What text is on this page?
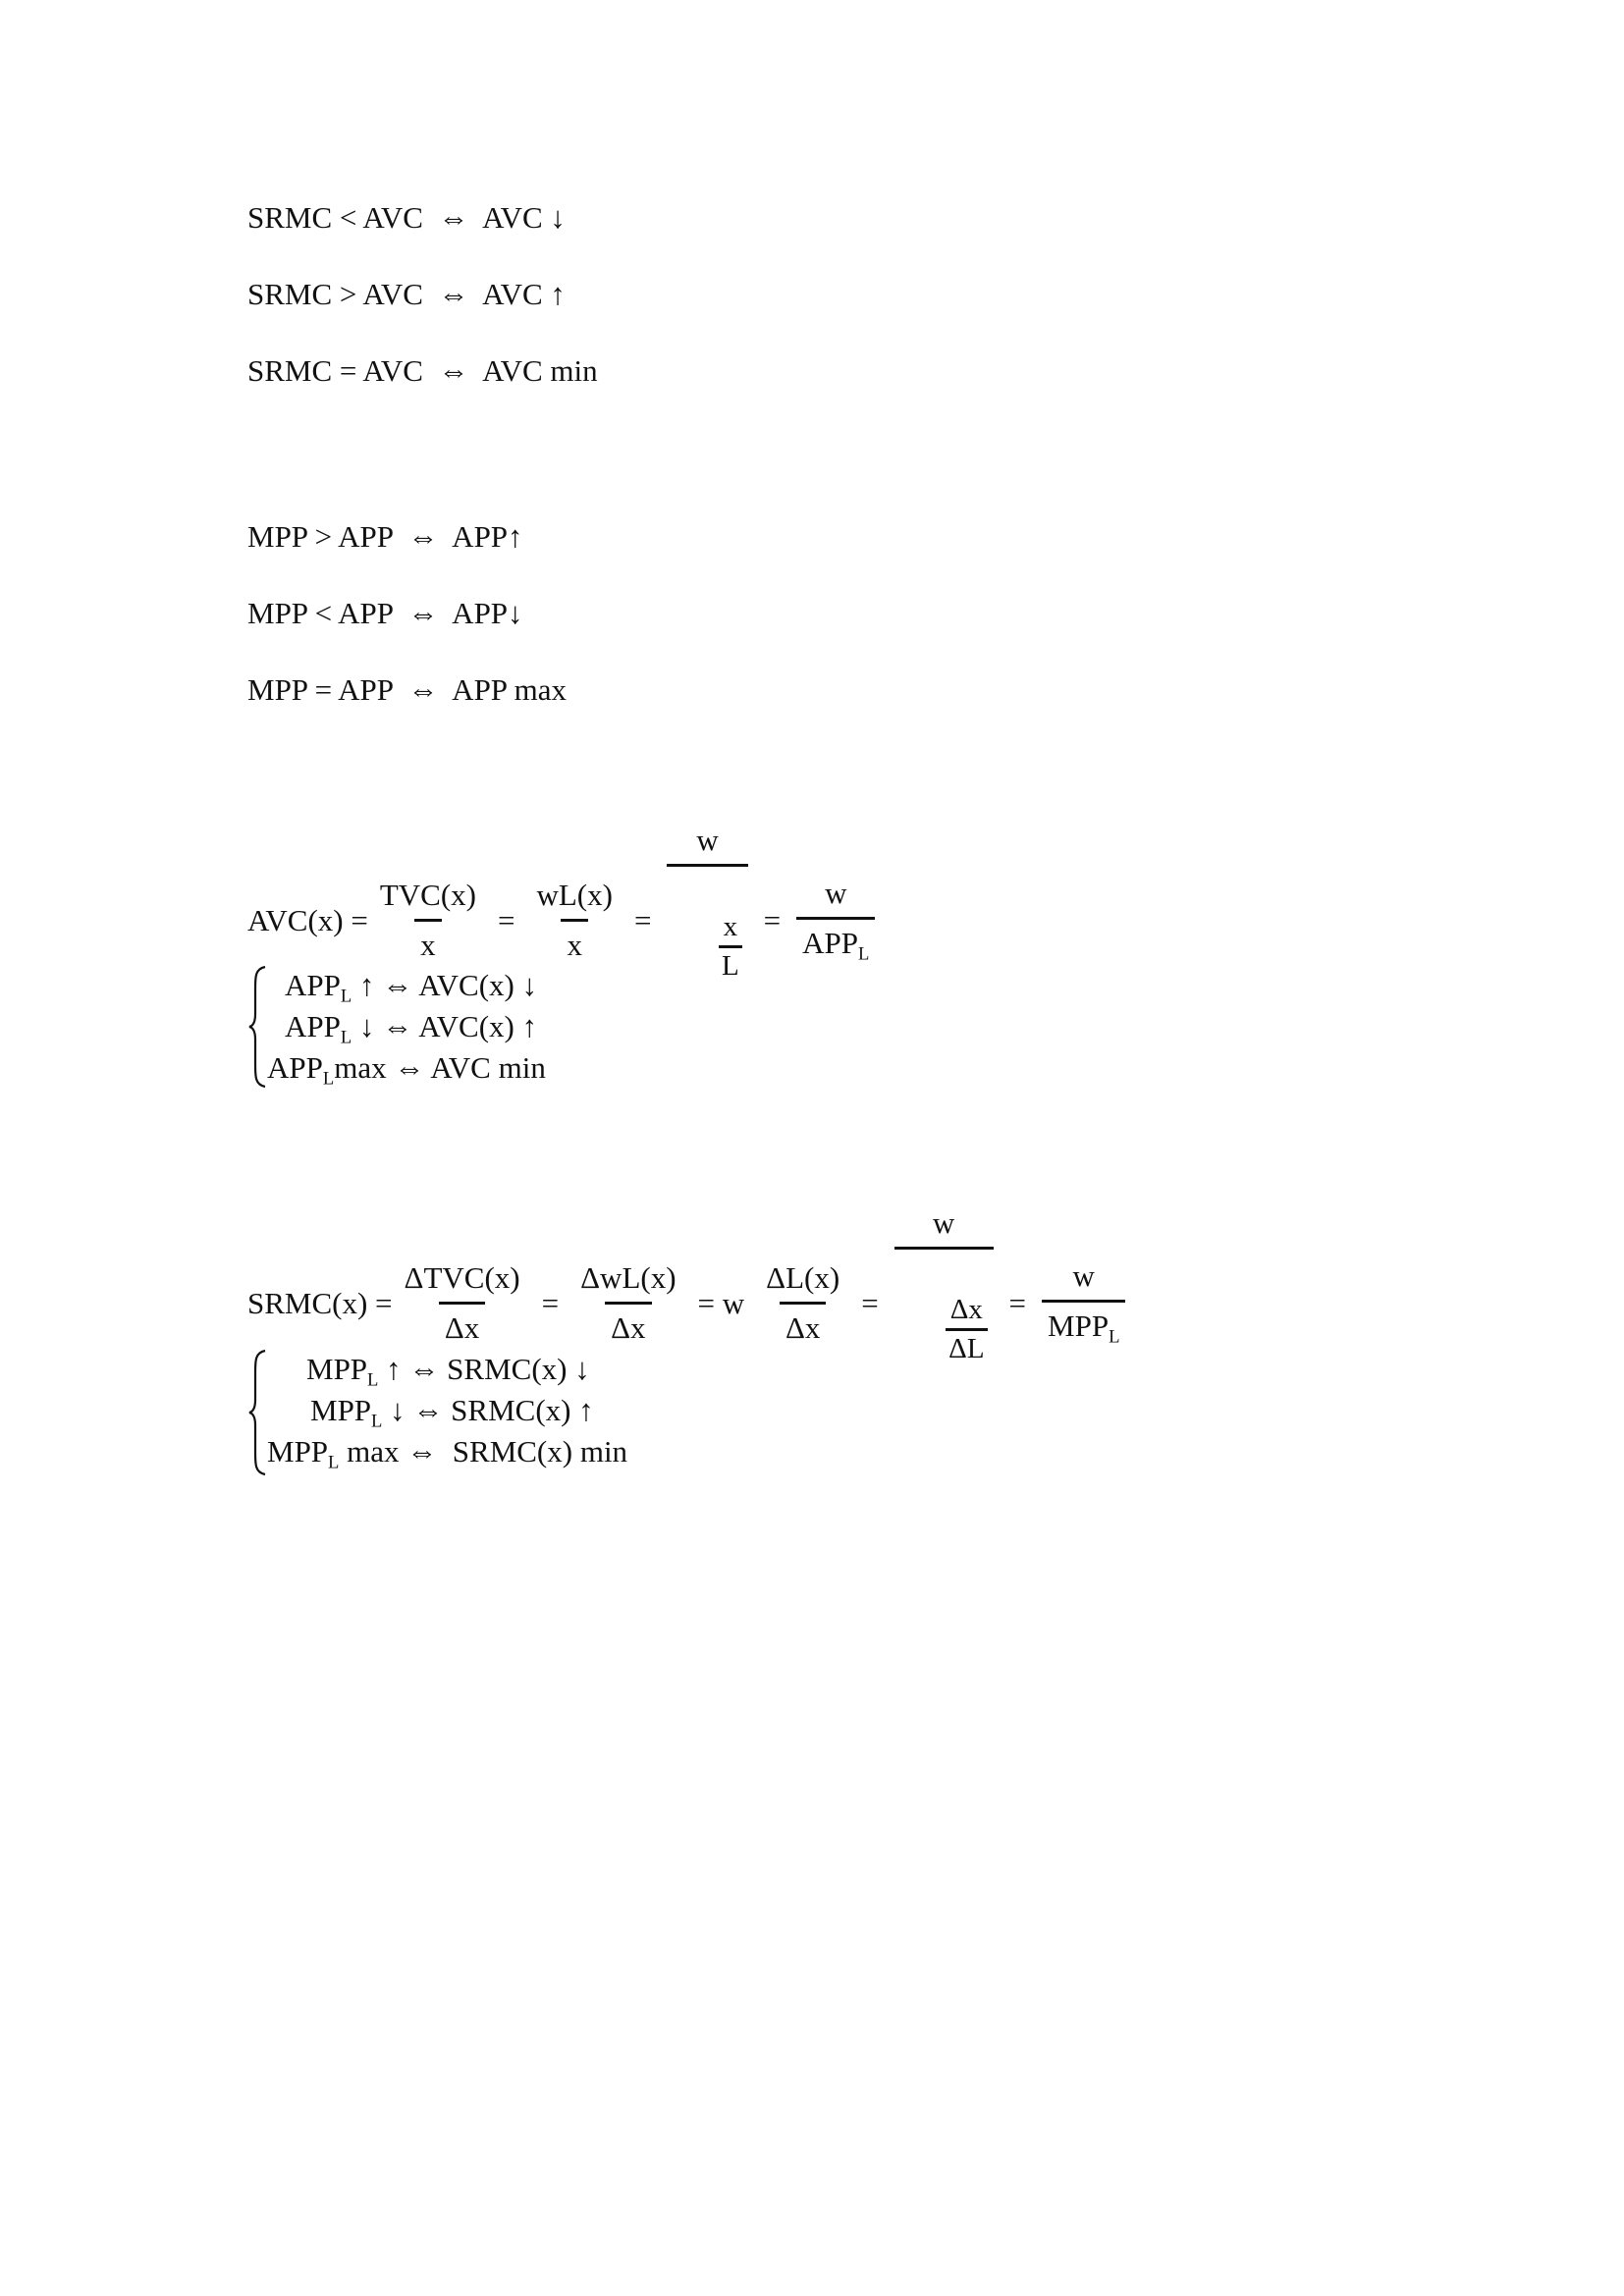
SRMC < AVC  ⇔  AVC ↓
SRMC > AVC  ⇔  AVC ↑
SRMC = AVC  ⇔  AVC min
MPP > APP  ⇔  APP↑
MPP < APP  ⇔  APP↓
MPP = APP  ⇔  APP max
$AVC(x) = \frac{\text{TVC(x)}}{x} = \frac{wL(x)}{x} = \frac{w}{\frac{x}{L}}$

= $\frac{w}{APP_L}$
$APP_L$ ↑ ⇔ AVC(x) ↓
$APP_L$ ↓ ⇔ AVC(x) ↑
$APP_L\max$ ⇔ AVC min
SRMC(x) = $\frac{\text{ΔTVC(x)}}{\Delta x} = \frac{\text{ΔwL(x)}}{\Delta x} = w \frac{\Delta L(x)}{\Delta x} = \frac{w}{\frac{\Delta x}{\Delta L}}$

= $\frac{w}{MPP_L}$
$MPP_L$ ↑ ⇔ SRMC(x) ↓
$MPP_L$ ↓ ⇔ SRMC(x) ↑
$MPP_L$ max ⇔  SRMC(x) min
